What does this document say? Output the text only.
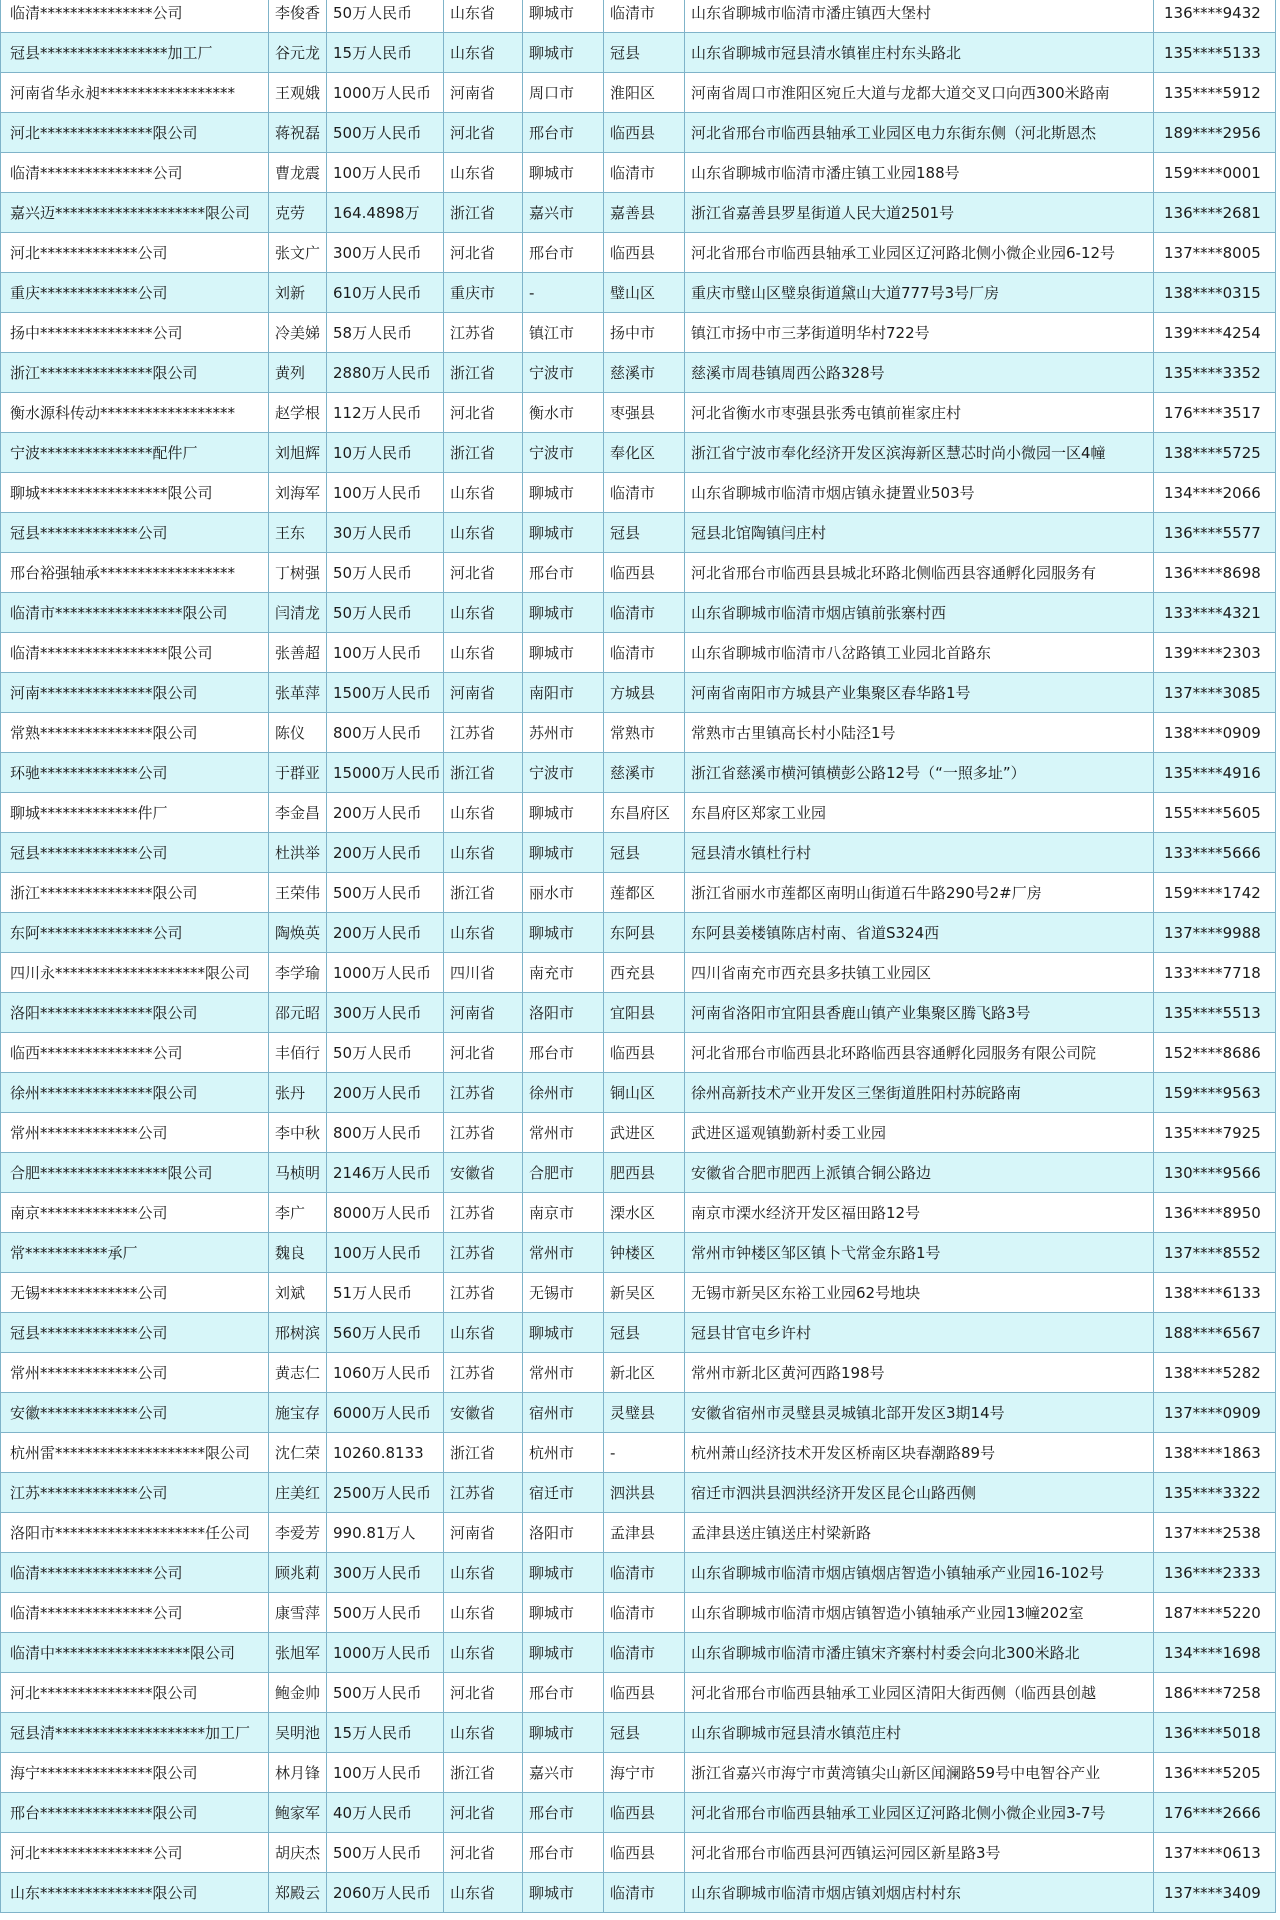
临清***************公司	李俊香	50万人民币	山东省	聊城市	临清市	山东省聊城市临清市潘庄镇西大堡村	136****9432
冠县*****************加工厂	谷元龙	15万人民币	山东省	聊城市	冠县	山东省聊城市冠县清水镇崔庄村东头路北	135****5133
河南省华永昶******************	王观娥	1000万人民币	河南省	周口市	淮阳区	河南省周口市淮阳区宛丘大道与龙都大道交叉口向西300米路南	135****5912
河北***************限公司	蒋祝磊	500万人民币	河北省	邢台市	临西县	河北省邢台市临西县轴承工业园区电力东街东侧（河北斯恩杰	189****2956
临清***************公司	曹龙震	100万人民币	山东省	聊城市	临清市	山东省聊城市临清市潘庄镇工业园188号	159****0001
嘉兴迈********************限公司	克劳	164.4898万	浙江省	嘉兴市	嘉善县	浙江省嘉善县罗星街道人民大道2501号	136****2681
河北*************公司	张文广	300万人民币	河北省	邢台市	临西县	河北省邢台市临西县轴承工业园区辽河路北侧小微企业园6-12号	137****8005
重庆*************公司	刘新	610万人民币	重庆市	-	璧山区	重庆市璧山区璧泉街道黛山大道777号3号厂房	138****0315
扬中***************公司	冷美娣	58万人民币	江苏省	镇江市	扬中市	镇江市扬中市三茅街道明华村722号	139****4254
浙江***************限公司	黄列	2880万人民币	浙江省	宁波市	慈溪市	慈溪市周巷镇周西公路328号	135****3352
衡水源科传动******************	赵学根	112万人民币	河北省	衡水市	枣强县	河北省衡水市枣强县张秀屯镇前崔家庄村	176****3517
宁波***************配件厂	刘旭辉	10万人民币	浙江省	宁波市	奉化区	浙江省宁波市奉化经济开发区滨海新区慧芯时尚小微园一区4幢	138****5725
聊城*****************限公司	刘海军	100万人民币	山东省	聊城市	临清市	山东省聊城市临清市烟店镇永捷置业503号	134****2066
冠县*************公司	王东	30万人民币	山东省	聊城市	冠县	冠县北馆陶镇闫庄村	136****5577
邢台裕强轴承******************	丁树强	50万人民币	河北省	邢台市	临西县	河北省邢台市临西县县城北环路北侧临西县容通孵化园服务有	136****8698
临清市*****************限公司	闫清龙	50万人民币	山东省	聊城市	临清市	山东省聊城市临清市烟店镇前张寨村西	133****4321
临清*****************限公司	张善超	100万人民币	山东省	聊城市	临清市	山东省聊城市临清市八岔路镇工业园北首路东	139****2303
河南***************限公司	张革萍	1500万人民币	河南省	南阳市	方城县	河南省南阳市方城县产业集聚区春华路1号	137****3085
常熟***************限公司	陈仪	800万人民币	江苏省	苏州市	常熟市	常熟市古里镇高长村小陆泾1号	138****0909
环驰*************公司	于群亚	15000万人民币	浙江省	宁波市	慈溪市	浙江省慈溪市横河镇横彭公路12号（“一照多址”）	135****4916
聊城*************件厂	李金昌	200万人民币	山东省	聊城市	东昌府区	东昌府区郑家工业园	155****5605
冠县*************公司	杜洪举	200万人民币	山东省	聊城市	冠县	冠县清水镇杜行村	133****5666
浙江***************限公司	王荣伟	500万人民币	浙江省	丽水市	莲都区	浙江省丽水市莲都区南明山街道石牛路290号2#厂房	159****1742
东阿***************公司	陶焕英	200万人民币	山东省	聊城市	东阿县	东阿县姜楼镇陈店村南、省道S324西	137****9988
四川永********************限公司	李学瑜	1000万人民币	四川省	南充市	西充县	四川省南充市西充县多扶镇工业园区	133****7718
洛阳***************限公司	邵元昭	300万人民币	河南省	洛阳市	宜阳县	河南省洛阳市宜阳县香鹿山镇产业集聚区腾飞路3号	135****5513
临西***************公司	丰佰行	50万人民币	河北省	邢台市	临西县	河北省邢台市临西县北环路临西县容通孵化园服务有限公司院	152****8686
徐州***************限公司	张丹	200万人民币	江苏省	徐州市	铜山区	徐州高新技术产业开发区三堡街道胜阳村苏皖路南	159****9563
常州*************公司	李中秋	800万人民币	江苏省	常州市	武进区	武进区遥观镇勤新村委工业园	135****7925
合肥*****************限公司	马桢明	2146万人民币	安徽省	合肥市	肥西县	安徽省合肥市肥西上派镇合铜公路边	130****9566
南京*************公司	李广	8000万人民币	江苏省	南京市	溧水区	南京市溧水经济开发区福田路12号	136****8950
常***********承厂	魏良	100万人民币	江苏省	常州市	钟楼区	常州市钟楼区邹区镇卜弋常金东路1号	137****8552
无锡*************公司	刘斌	51万人民币	江苏省	无锡市	新吴区	无锡市新吴区东裕工业园62号地块	138****6133
冠县*************公司	邢树滨	560万人民币	山东省	聊城市	冠县	冠县甘官屯乡许村	188****6567
常州*************公司	黄志仁	1060万人民币	江苏省	常州市	新北区	常州市新北区黄河西路198号	138****5282
安徽*************公司	施宝存	6000万人民币	安徽省	宿州市	灵璧县	安徽省宿州市灵璧县灵城镇北部开发区3期14号	137****0909
杭州雷********************限公司	沈仁荣	10260.8133	浙江省	杭州市	-	杭州萧山经济技术开发区桥南区块春潮路89号	138****1863
江苏*************公司	庄美红	2500万人民币	江苏省	宿迁市	泗洪县	宿迁市泗洪县泗洪经济开发区昆仑山路西侧	135****3322
洛阳市********************任公司	李爱芳	990.81万人	河南省	洛阳市	孟津县	孟津县送庄镇送庄村梁新路	137****2538
临清***************公司	顾兆莉	300万人民币	山东省	聊城市	临清市	山东省聊城市临清市烟店镇烟店智造小镇轴承产业园16-102号	136****2333
临清***************公司	康雪萍	500万人民币	山东省	聊城市	临清市	山东省聊城市临清市烟店镇智造小镇轴承产业园13幢202室	187****5220
临清中******************限公司	张旭军	1000万人民币	山东省	聊城市	临清市	山东省聊城市临清市潘庄镇宋齐寨村村委会向北300米路北	134****1698
河北***************限公司	鲍金帅	500万人民币	河北省	邢台市	临西县	河北省邢台市临西县轴承工业园区清阳大街西侧（临西县创越	186****7258
冠县清********************加工厂	吴明池	15万人民币	山东省	聊城市	冠县	山东省聊城市冠县清水镇范庄村	136****5018
海宁***************限公司	林月锋	100万人民币	浙江省	嘉兴市	海宁市	浙江省嘉兴市海宁市黄湾镇尖山新区闻澜路59号中电智谷产业	136****5205
邢台***************限公司	鲍家军	40万人民币	河北省	邢台市	临西县	河北省邢台市临西县轴承工业园区辽河路北侧小微企业园3-7号	176****2666
河北***************公司	胡庆杰	500万人民币	河北省	邢台市	临西县	河北省邢台市临西县河西镇运河园区新星路3号	137****0613
山东***************限公司	郑殿云	2060万人民币	山东省	聊城市	临清市	山东省聊城市临清市烟店镇刘烟店村村东	137****3409
